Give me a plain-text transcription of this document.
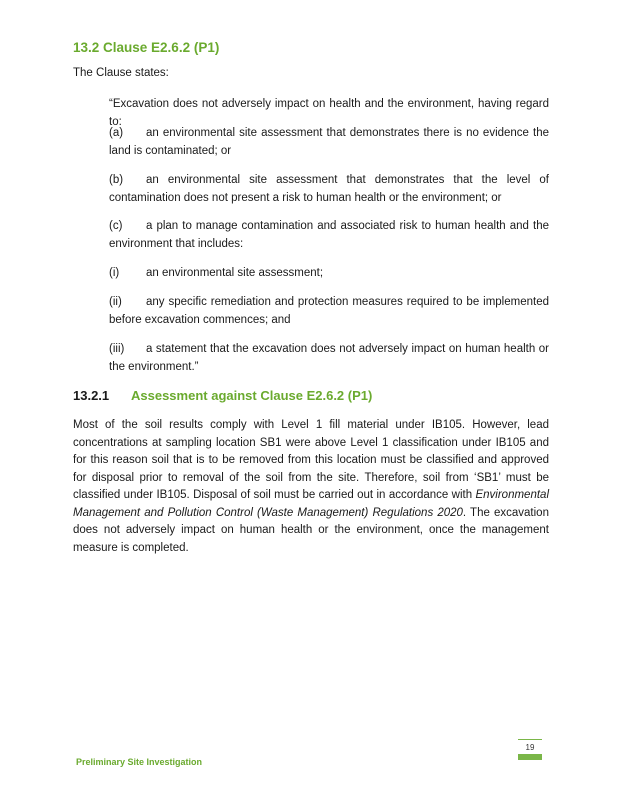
13.2 Clause E2.6.2 (P1)
The Clause states:
“Excavation does not adversely impact on health and the environment, having regard to:
(a) an environmental site assessment that demonstrates there is no evidence the land is contaminated; or
(b) an environmental site assessment that demonstrates that the level of contamination does not present a risk to human health or the environment; or
(c) a plan to manage contamination and associated risk to human health and the environment that includes:
(i) an environmental site assessment;
(ii) any specific remediation and protection measures required to be implemented before excavation commences; and
(iii) a statement that the excavation does not adversely impact on human health or the environment.”
13.2.1 Assessment against Clause E2.6.2 (P1)
Most of the soil results comply with Level 1 fill material under IB105. However, lead concentrations at sampling location SB1 were above Level 1 classification under IB105 and for this reason soil that is to be removed from this location must be classified and approved for disposal prior to removal of the soil from the site. Therefore, soil from ‘SB1’ must be classified under IB105. Disposal of soil must be carried out in accordance with Environmental Management and Pollution Control (Waste Management) Regulations 2020. The excavation does not adversely impact on human health or the environment, once the management measure is completed.
19
Preliminary Site Investigation
